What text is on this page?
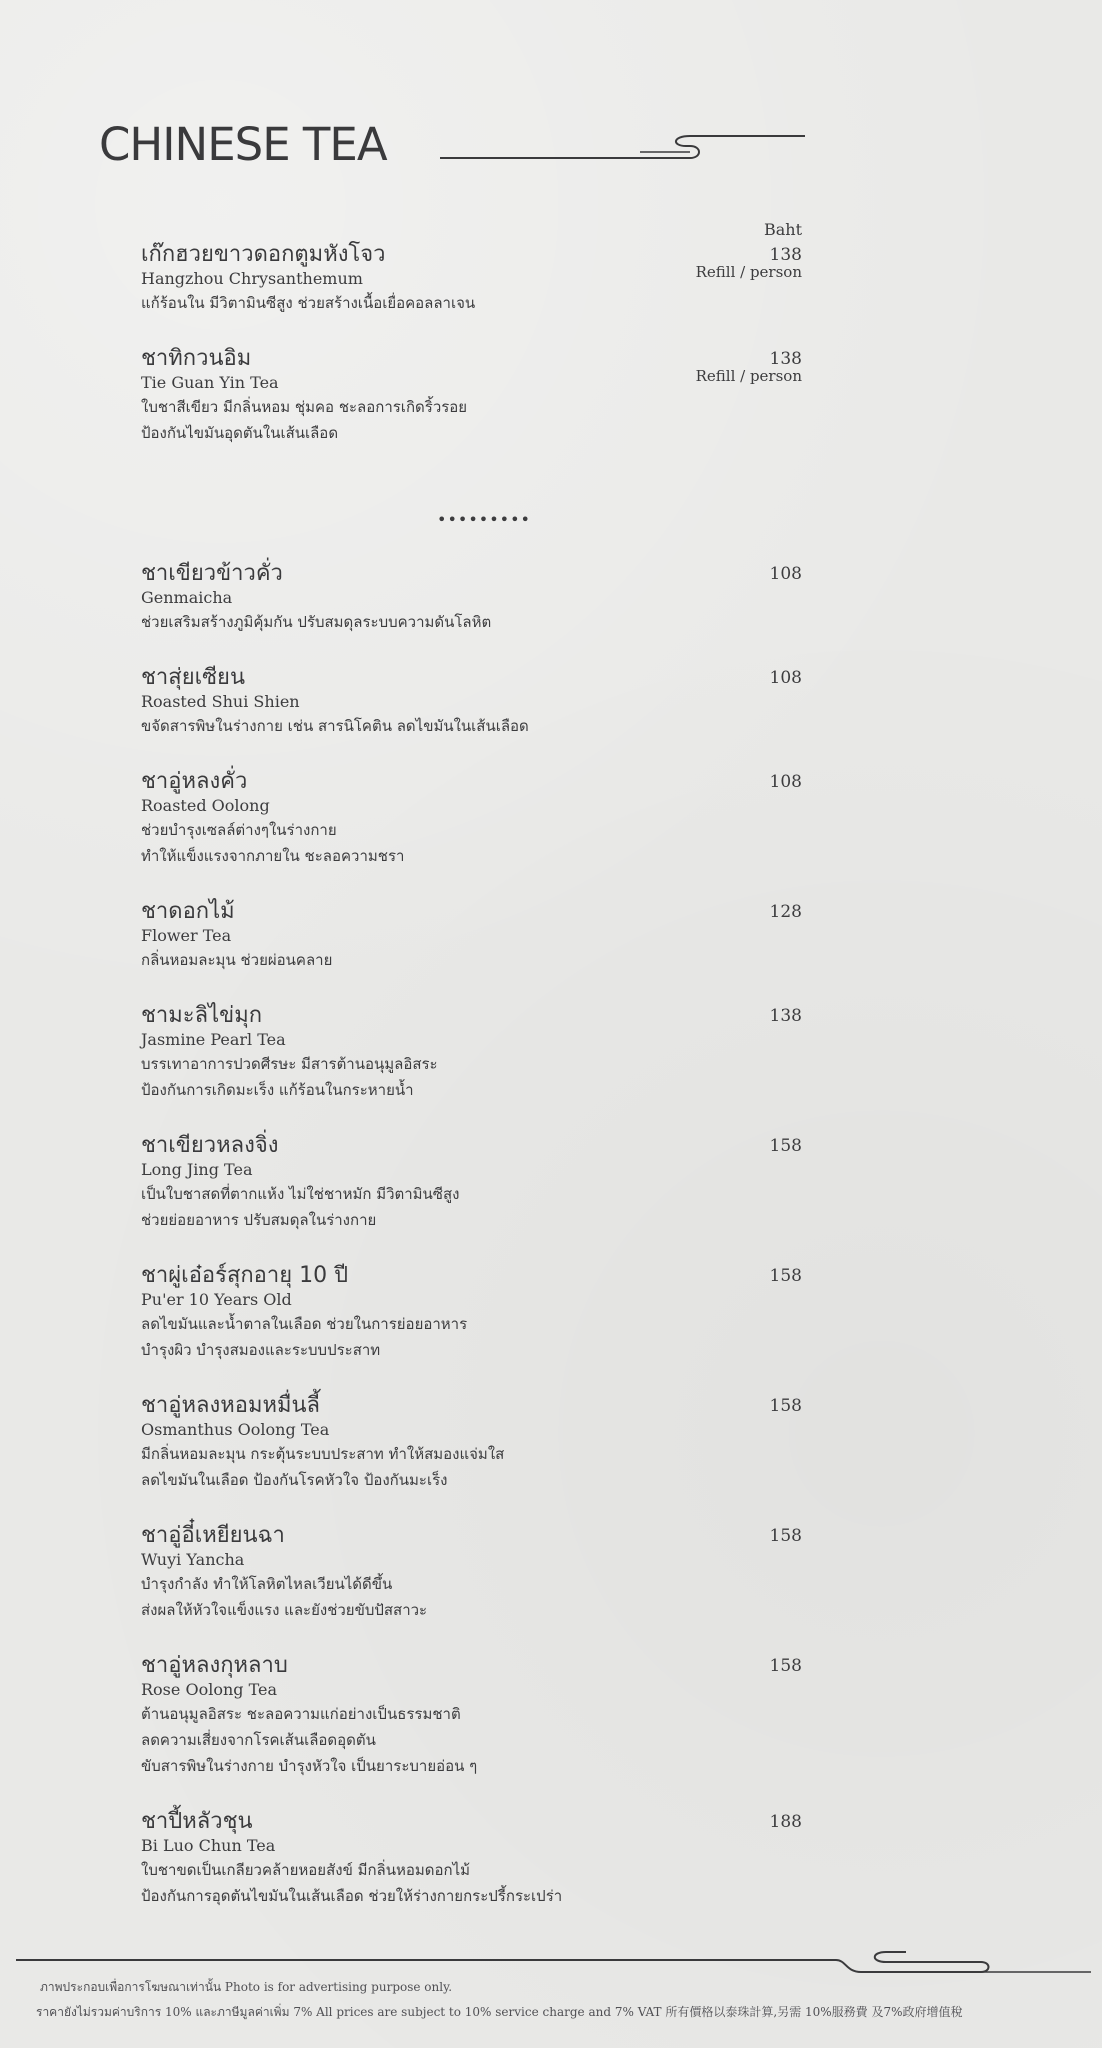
CHINESE TEA
Baht
เก๊กฮวยขาวดอกตูมหังโจว
Hangzhou Chrysanthemum
แก้ร้อนใน มีวิตามินซีสูง ช่วยสร้างเนื้อเยื่อคอลลาเจน
138
Refill / person
ชาทิกวนอิม
Tie Guan Yin Tea
ใบชาสีเขียว มีกลิ่นหอม ชุ่มคอ ชะลอการเกิดริ้วรอย
ป้องกันไขมันอุดตันในเส้นเลือด
138
Refill / person
•••••••••
ชาเขียวข้าวคั่ว
Genmaicha
ช่วยเสริมสร้างภูมิคุ้มกัน ปรับสมดุลระบบความดันโลหิต
108
ชาสุ่ยเซียน
Roasted Shui Shien
ขจัดสารพิษในร่างกาย เช่น สารนิโคติน ลดไขมันในเส้นเลือด
108
ชาอู่หลงคั่ว
Roasted Oolong
ช่วยบำรุงเซลล์ต่างๆในร่างกาย
ทำให้แข็งแรงจากภายใน ชะลอความชรา
108
ชาดอกไม้
Flower Tea
กลิ่นหอมละมุน ช่วยผ่อนคลาย
128
ชามะลิไข่มุก
Jasmine Pearl Tea
บรรเทาอาการปวดศีรษะ มีสารต้านอนุมูลอิสระ
ป้องกันการเกิดมะเร็ง แก้ร้อนในกระหายน้ำ
138
ชาเขียวหลงจิ่ง
Long Jing Tea
เป็นใบชาสดที่ตากแห้ง ไม่ใช่ชาหมัก มีวิตามินซีสูง
ช่วยย่อยอาหาร ปรับสมดุลในร่างกาย
158
ชาผู่เอ๋อร์สุกอายุ 10 ปี
Pu'er 10 Years Old
ลดไขมันและน้ำตาลในเลือด ช่วยในการย่อยอาหาร
บำรุงผิว บำรุงสมองและระบบประสาท
158
ชาอู่หลงหอมหมื่นลี้
Osmanthus Oolong Tea
มีกลิ่นหอมละมุน กระตุ้นระบบประสาท ทำให้สมองแจ่มใส
ลดไขมันในเลือด ป้องกันโรคหัวใจ ป้องกันมะเร็ง
158
ชาอู่อี๋เหยียนฉา
Wuyi Yancha
บำรุงกำลัง ทำให้โลหิตไหลเวียนได้ดีขึ้น
ส่งผลให้หัวใจแข็งแรง และยังช่วยขับปัสสาวะ
158
ชาอู่หลงกุหลาบ
Rose Oolong Tea
ต้านอนุมูลอิสระ ชะลอความแก่อย่างเป็นธรรมชาติ
ลดความเสี่ยงจากโรคเส้นเลือดอุดตัน
ขับสารพิษในร่างกาย บำรุงหัวใจ เป็นยาระบายอ่อน ๆ
158
ชาปี้หลัวชุน
Bi Luo Chun Tea
ใบชาขดเป็นเกลียวคล้ายหอยสังข์ มีกลิ่นหอมดอกไม้
ป้องกันการอุดตันไขมันในเส้นเลือด ช่วยให้ร่างกายกระปรี้กระเปร่า
188
ภาพประกอบเพื่อการโฆษณาเท่านั้น Photo is for advertising purpose only.
ราคายังไม่รวมค่าบริการ 10% และภาษีมูลค่าเพิ่ม 7% All prices are subject to 10% service charge and 7% VAT 所有價格以泰珠計算,另需 10%服務費 及7%政府增值稅
